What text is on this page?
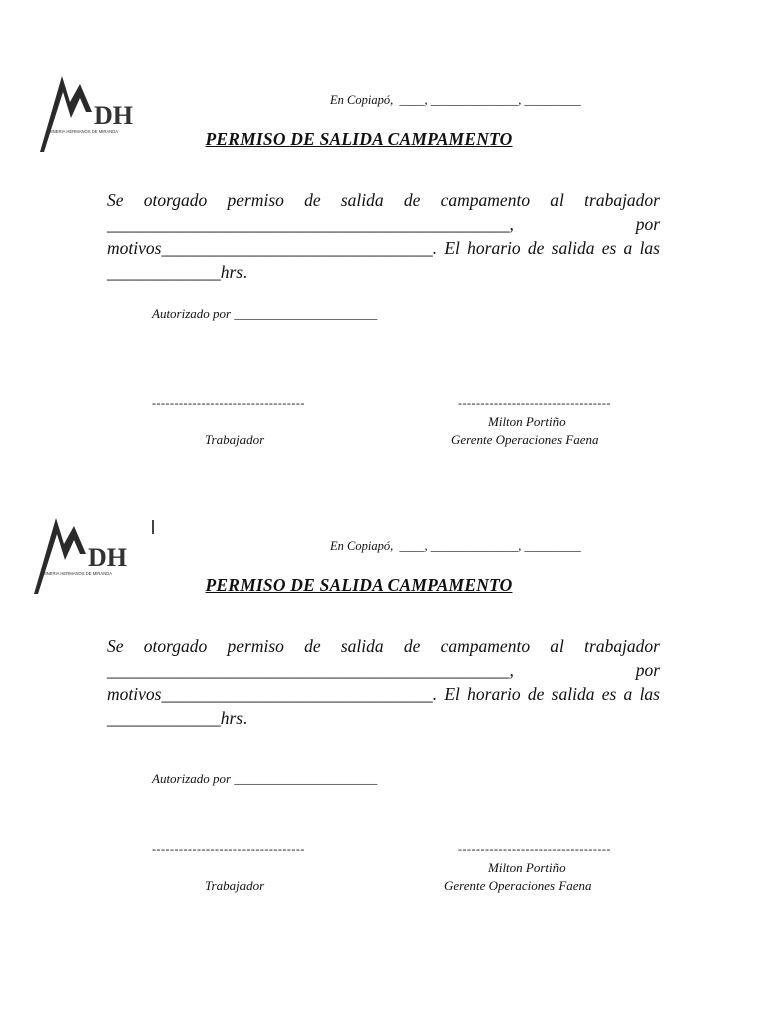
DH
MINERIA HERMANOS DE MIRANDA
En Copiapó,  ____, ______________, _________
PERMISO DE SALIDA CAMPAMENTO

Se otorgado permiso de salida de campamento al trabajador ______________________________________________, por motivos_______________________________. El horario de salida es a las _____________hrs.

Autorizado por ______________________
----------------------------------	----------------------------------
Milton Portiño
Trabajador	Gerente Operaciones Faena
DH
MINERIA HERMANOS DE MIRANDA
En Copiapó,  ____, ______________, _________
PERMISO DE SALIDA CAMPAMENTO

Se otorgado permiso de salida de campamento al trabajador ______________________________________________, por motivos_______________________________. El horario de salida es a las _____________hrs.

Autorizado por ______________________
----------------------------------	----------------------------------
Milton Portiño
Trabajador	Gerente Operaciones Faena
